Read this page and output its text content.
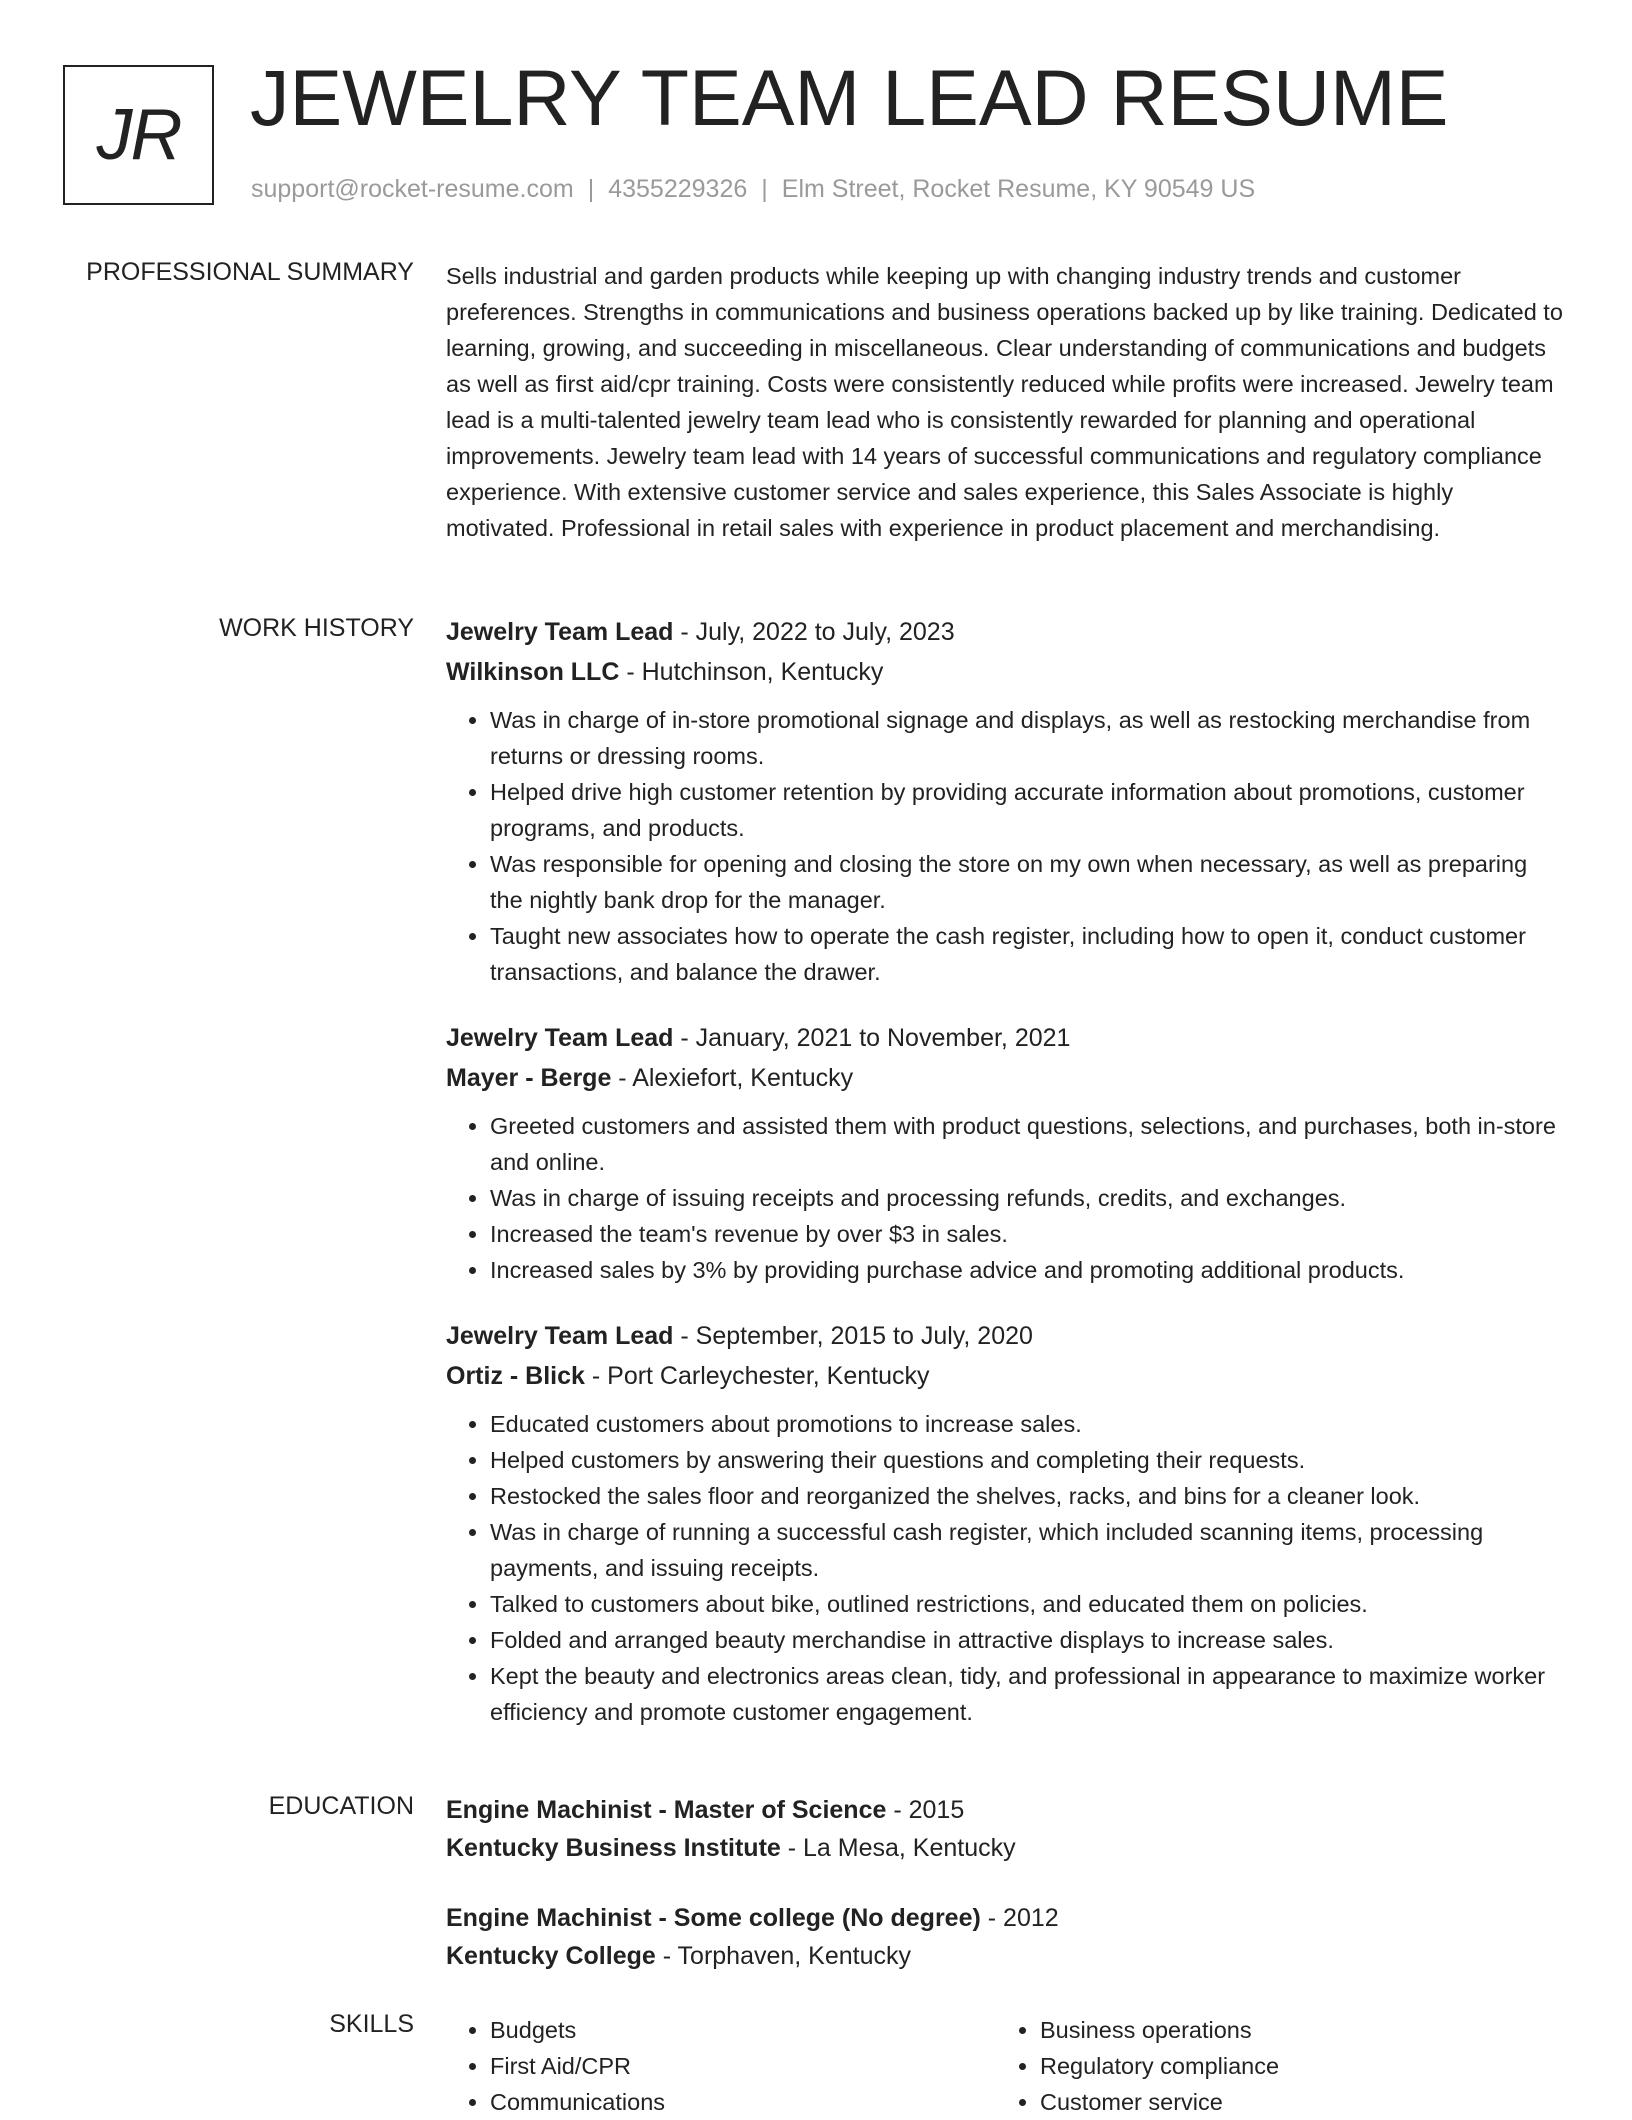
JR JEWELRY TEAM LEAD RESUME
support@rocket-resume.com | 4355229326 | Elm Street, Rocket Resume, KY 90549 US
PROFESSIONAL SUMMARY Sells industrial and garden products while keeping up with changing industry trends and customer preferences. Strengths in communications and business operations backed up by like training. Dedicated to learning, growing, and succeeding in miscellaneous. Clear understanding of communications and budgets as well as first aid/cpr training. Costs were consistently reduced while profits were increased. Jewelry team lead is a multi-talented jewelry team lead who is consistently rewarded for planning and operational improvements. Jewelry team lead with 14 years of successful communications and regulatory compliance experience. With extensive customer service and sales experience, this Sales Associate is highly motivated. Professional in retail sales with experience in product placement and merchandising.
WORK HISTORY Jewelry Team Lead - July, 2022 to July, 2023
Wilkinson LLC - Hutchinson, Kentucky
• Was in charge of in-store promotional signage and displays, as well as restocking merchandise from returns or dressing rooms.
• Helped drive high customer retention by providing accurate information about promotions, customer programs, and products.
• Was responsible for opening and closing the store on my own when necessary, as well as preparing the nightly bank drop for the manager.
• Taught new associates how to operate the cash register, including how to open it, conduct customer transactions, and balance the drawer.
Jewelry Team Lead - January, 2021 to November, 2021
Mayer - Berge - Alexiefort, Kentucky
• Greeted customers and assisted them with product questions, selections, and purchases, both in-store and online.
• Was in charge of issuing receipts and processing refunds, credits, and exchanges.
• Increased the team's revenue by over $3 in sales.
• Increased sales by 3% by providing purchase advice and promoting additional products.
Jewelry Team Lead - September, 2015 to July, 2020
Ortiz - Blick - Port Carleychester, Kentucky
• Educated customers about promotions to increase sales.
• Helped customers by answering their questions and completing their requests.
• Restocked the sales floor and reorganized the shelves, racks, and bins for a cleaner look.
• Was in charge of running a successful cash register, which included scanning items, processing payments, and issuing receipts.
• Talked to customers about bike, outlined restrictions, and educated them on policies.
• Folded and arranged beauty merchandise in attractive displays to increase sales.
• Kept the beauty and electronics areas clean, tidy, and professional in appearance to maximize worker efficiency and promote customer engagement.
EDUCATION Engine Machinist - Master of Science - 2015
Kentucky Business Institute - La Mesa, Kentucky
Engine Machinist - Some college (No degree) - 2012
Kentucky College - Torphaven, Kentucky
SKILLS
•	Budgets
• First Aid/CPR
• Communications
• Business operations
• Regulatory compliance
• Customer service
